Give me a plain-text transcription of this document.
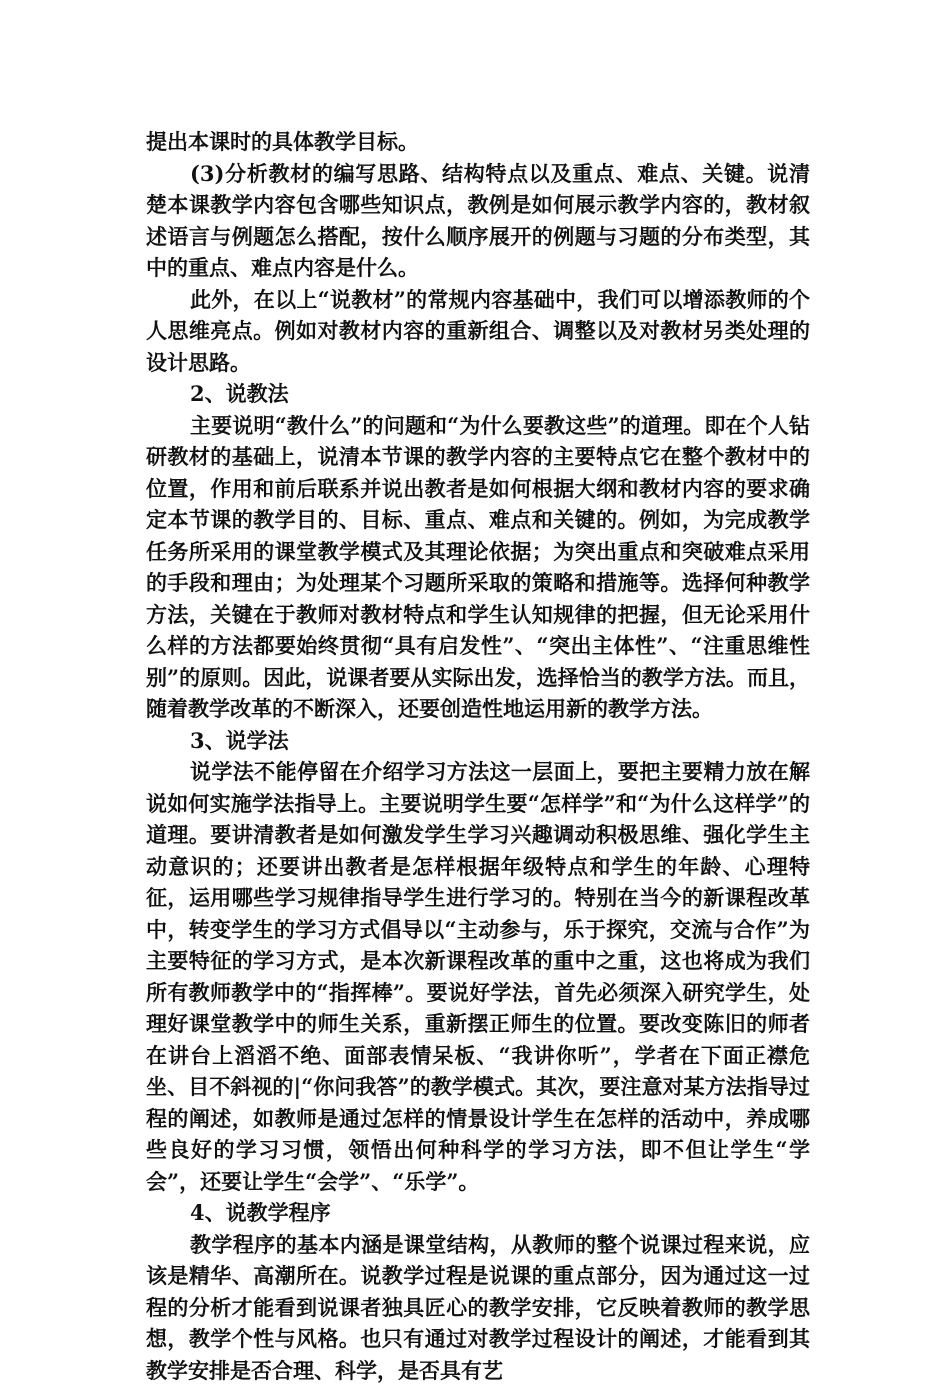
提出本课时的具体教学目标。

(3)分析教材的编写思路、结构特点以及重点、难点、关键。说清楚本课教学内容包含哪些知识点，教例是如何展示教学内容的，教材叙述语言与例题怎么搭配，按什么顺序展开的例题与习题的分布类型，其中的重点、难点内容是什么。

此外，在以上“说教材”的常规内容基础中，我们可以增添教师的个人思维亮点。例如对教材内容的重新组合、调整以及对教材另类处理的设计思路。

2、说教法

主要说明“教什么”的问题和“为什么要教这些”的道理。即在个人钻研教材的基础上，说清本节课的教学内容的主要特点它在整个教材中的位置，作用和前后联系并说出教者是如何根据大纲和教材内容的要求确定本节课的教学目的、目标、重点、难点和关键的。例如，为完成教学任务所采用的课堂教学模式及其理论依据；为突出重点和突破难点采用的手段和理由；为处理某个习题所采取的策略和措施等。选择何种教学方法，关键在于教师对教材特点和学生认知规律的把握，但无论采用什么样的方法都要始终贯彻“具有启发性”、“突出主体性”、“注重思维性别”的原则。因此，说课者要从实际出发，选择恰当的教学方法。而且，随着教学改革的不断深入，还要创造性地运用新的教学方法。

3、说学法

说学法不能停留在介绍学习方法这一层面上，要把主要精力放在解说如何实施学法指导上。主要说明学生要“怎样学”和“为什么这样学”的道理。要讲清教者是如何激发学生学习兴趣调动积极思维、强化学生主动意识的；还要讲出教者是怎样根据年级特点和学生的年龄、心理特征，运用哪些学习规律指导学生进行学习的。特别在当今的新课程改革中，转变学生的学习方式倡导以“主动参与，乐于探究，交流与合作”为主要特征的学习方式，是本次新课程改革的重中之重，这也将成为我们所有教师教学中的“指挥棒”。要说好学法，首先必须深入研究学生，处理好课堂教学中的师生关系，重新摆正师生的位置。要改变陈旧的师者在讲台上滔滔不绝、面部表情呆板、“我讲你听”，学者在下面正襟危坐、目不斜视的|“你问我答”的教学模式。其次，要注意对某方法指导过程的阐述，如教师是通过怎样的情景设计学生在怎样的活动中，养成哪些良好的学习习惯，领悟出何种科学的学习方法，即不但让学生“学会”，还要让学生“会学”、“乐学”。

4、说教学程序

教学程序的基本内涵是课堂结构，从教师的整个说课过程来说，应该是精华、高潮所在。说教学过程是说课的重点部分，因为通过这一过程的分析才能看到说课者独具匠心的教学安排，它反映着教师的教学思想，教学个性与风格。也只有通过对教学过程设计的阐述，才能看到其教学安排是否合理、科学，是否具有艺
